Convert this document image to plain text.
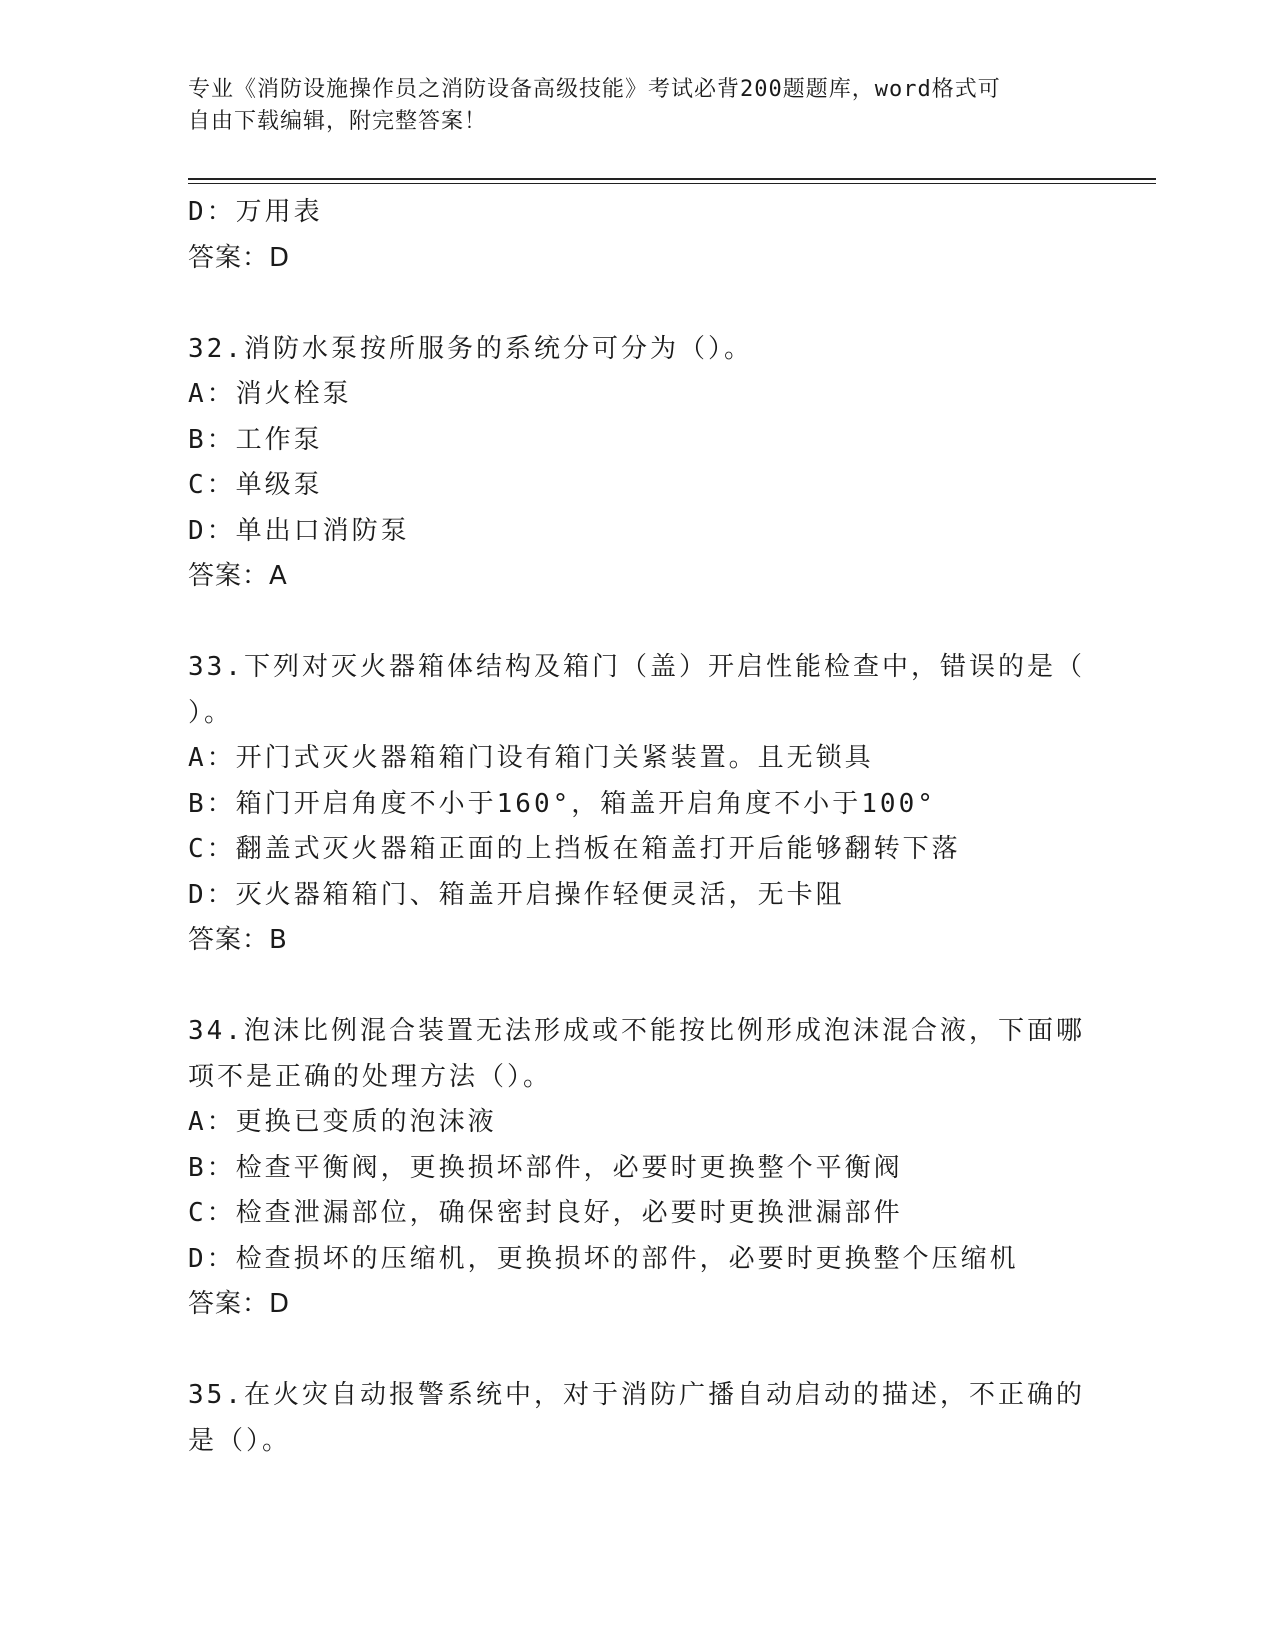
专业《消防设施操作员之消防设备高级技能》考试必背200题题库，word格式可
自由下载编辑，附完整答案！
D：万用表
答案：D
32.消防水泵按所服务的系统分可分为（）。
A：消火栓泵
B：工作泵
C：单级泵
D：单出口消防泵
答案：A
33.下列对灭火器箱体结构及箱门（盖）开启性能检查中，错误的是（
）。
A：开门式灭火器箱箱门设有箱门关紧装置。且无锁具
B：箱门开启角度不小于160°，箱盖开启角度不小于100°
C：翻盖式灭火器箱正面的上挡板在箱盖打开后能够翻转下落
D：灭火器箱箱门、箱盖开启操作轻便灵活，无卡阻
答案：B
34.泡沫比例混合装置无法形成或不能按比例形成泡沫混合液，下面哪
项不是正确的处理方法（）。
A：更换已变质的泡沫液
B：检查平衡阀，更换损坏部件，必要时更换整个平衡阀
C：检查泄漏部位，确保密封良好，必要时更换泄漏部件
D：检查损坏的压缩机，更换损坏的部件，必要时更换整个压缩机
答案：D
35.在火灾自动报警系统中，对于消防广播自动启动的描述，不正确的
是（）。
